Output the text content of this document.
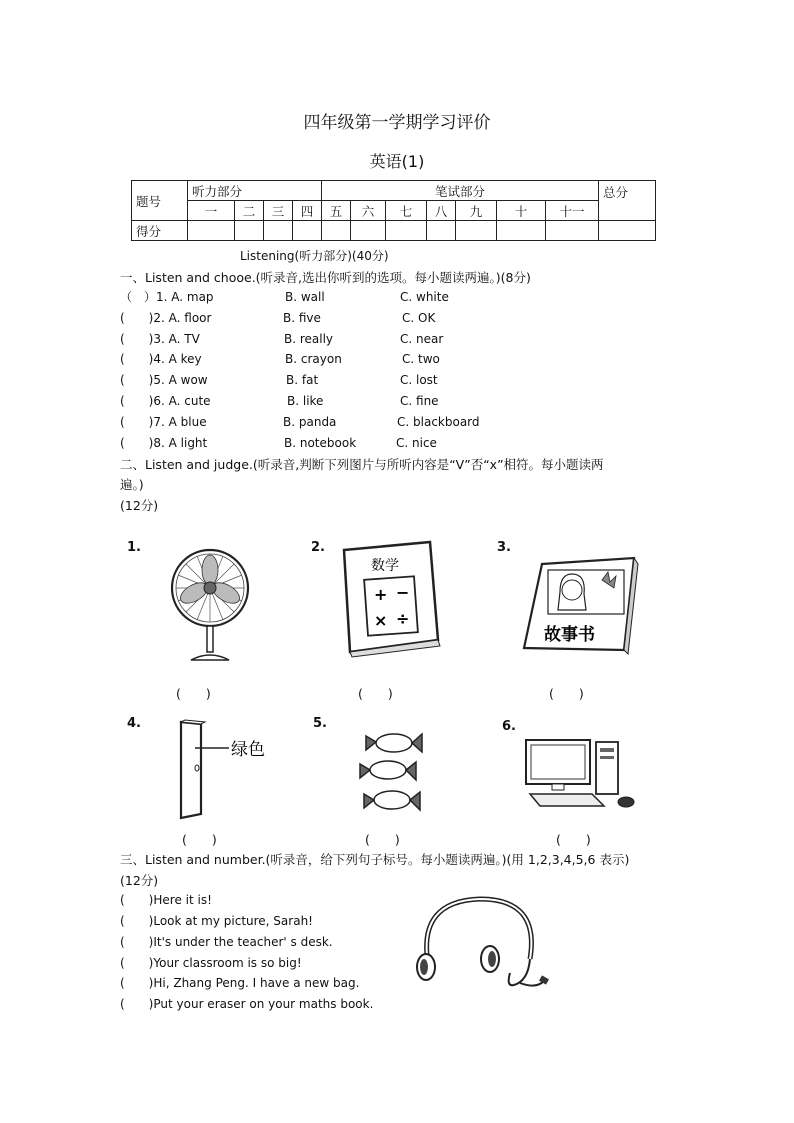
四年级第一学期学习评价
英语(1)
题号	听力部分				笔试部分							总分
	一	二	三	四	五	六	七	八	九	十	十一	
得分												
Listening(听力部分)(40分)
一、Listen and chooe.(听录音,选出你听到的选项。每小题读两遍。)(8分)
（　）1. A. map	B. wall	C. white
(　　)2. A. floor	B. five	C. OK
(　　)3. A. TV	B. really	C. near
(　　)4. A key	B. crayon	C. two
(　　)5. A wow	B. fat	C. lost
(　　)6. A. cute	B. like	C. fine
(　　)7. A blue	B. panda	C. blackboard
(　　)8. A light	B. notebook	C. nice
二、Listen and judge.(听录音,判断下列图片与所听内容是“V”否“x”相符。每小题读两
遍。)
(12分)
1.	2.	3.
4.	5.	6.
数学
+ −
× ÷
故事书
(　　)	(　　)	(　　)
绿色
(　　)	(　　)	(　　)
三、Listen and number.(听录音，给下列句子标号。每小题读两遍。)(用 1,2,3,4,5,6 表示)
(12分)
(　　)Here it is!
(　　)Look at my picture, Sarah!
(　　)It's under the teacher' s desk.
(　　)Your classroom is so big!
(　　)Hi, Zhang Peng. I have a new bag.
(　　)Put your eraser on your maths book.
